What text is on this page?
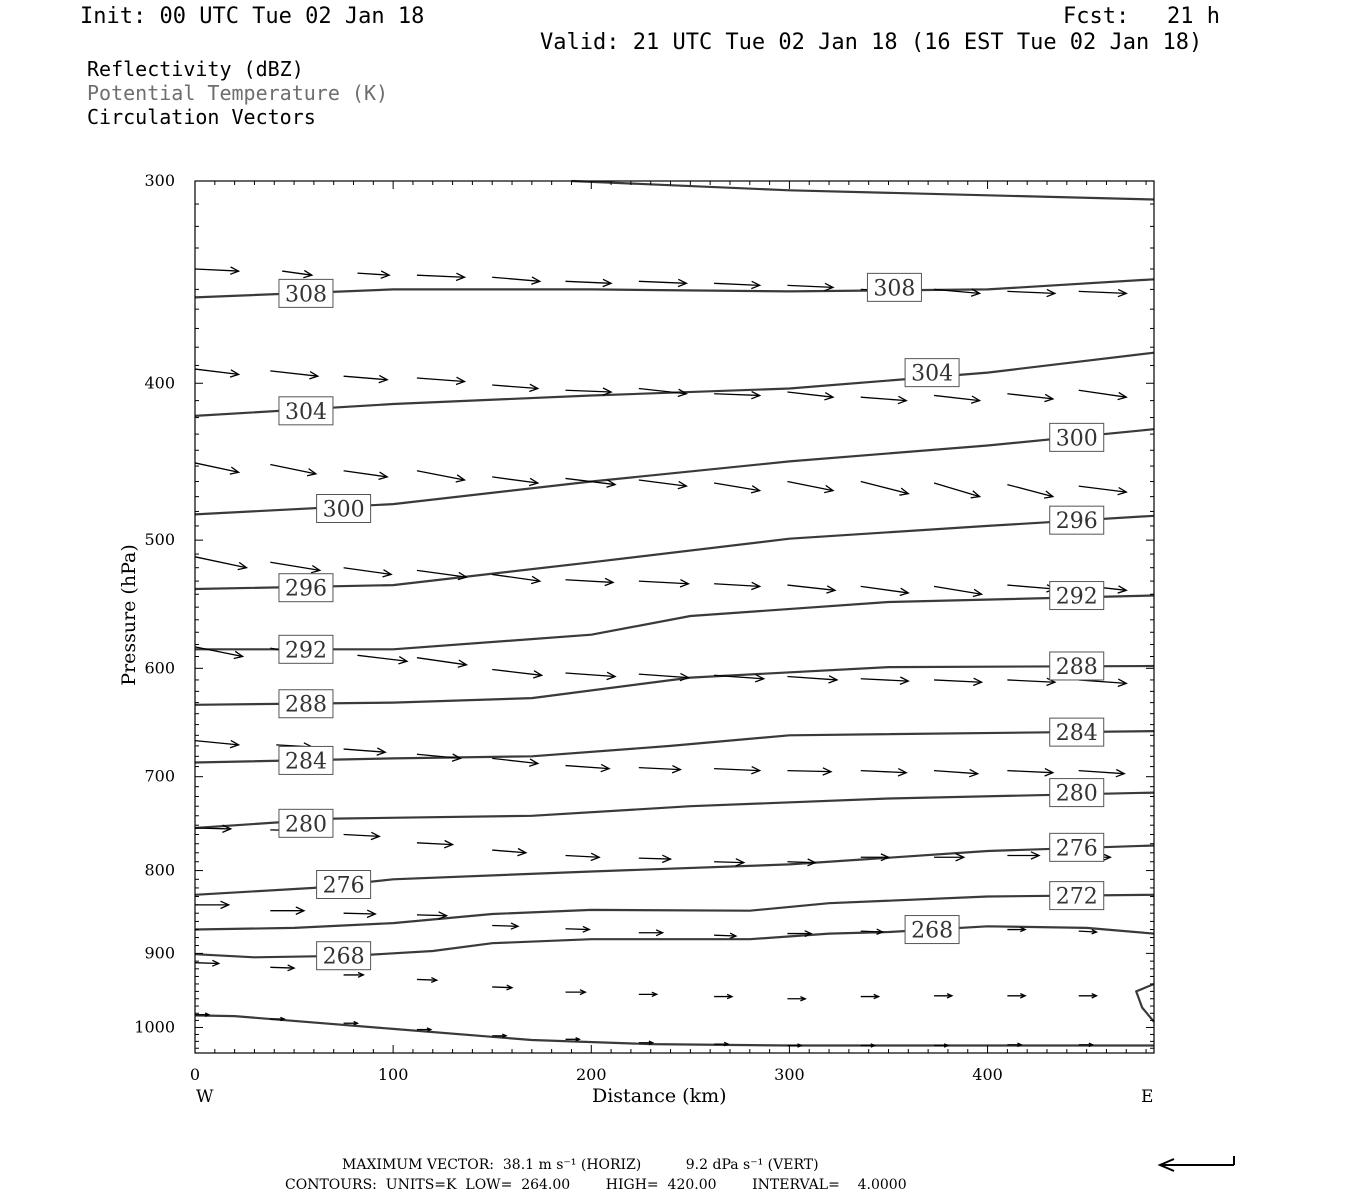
Init: 00 UTC Tue 02 Jan 18	Fcst: 21 h
Valid: 21 UTC Tue 02 Jan 18 (16 EST Tue 02 Jan 18)
Reflectivity (dBZ)
Potential Temperature (K)
Circulation Vectors
308	308
304
304
300
300
296
296
292
292
288
288
284
284
280
280
276
276
272
268
268
0	100	200	300	400
300
400
500
600
700
800
900
1000
W	E
Distance (km)
Pressure (hPa)
MAXIMUM VECTOR:  38.1 m s⁻¹ (HORIZ)          9.2 dPa s⁻¹ (VERT)
CONTOURS:  UNITS=K  LOW=  264.00        HIGH=  420.00        INTERVAL=    4.0000
